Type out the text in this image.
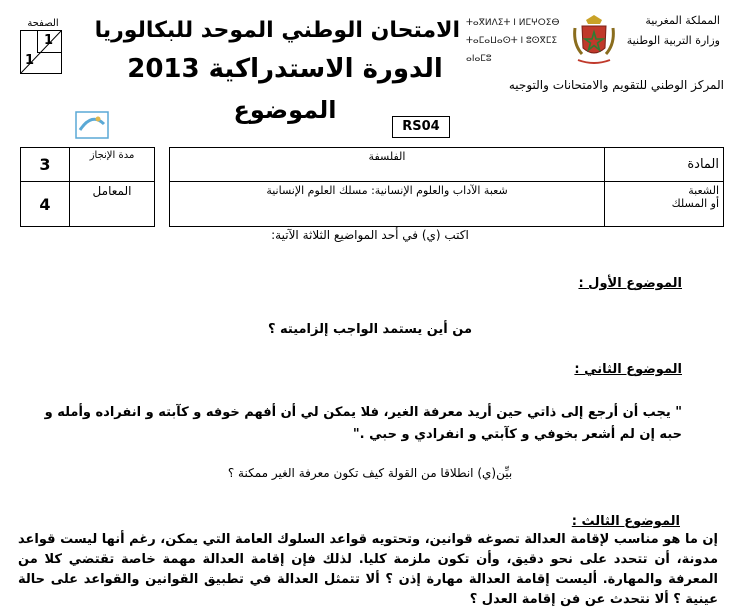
الصفحة
1
1
الامتحان الوطني الموحد للبكالوريا
الدورة الاستدراكية 2013
الموضوع
RS04
ⵜⴰⴳⵍⴷⵉⵜ ⵏ ⵍⵎⵖⵔⵉⴱ
ⵜⴰⵎⴰⵡⴰⵙⵜ ⵏ ⵓⵙⴳⵎⵉ
ⴰⵏⴰⵎⵓ
المملكة المغربية
وزارة التربية الوطنية
المركز الوطني للتقويم والامتحانات والتوجيه
المادة	الفلسفة		مدة الإنجاز	3

الشعبة
أو المسلك	شعبة الآداب والعلوم الإنسانية: مسلك العلوم الإنسانية		المعامل	4
اكتب (ي) في أحد المواضيع الثلاثة الآتية:
الموضوع الأول :
من أين يستمد الواجب إلزاميته ؟
الموضوع الثاني :
" يجب أن أرجع إلى ذاتي حين أريد معرفة الغير، فلا يمكن لي أن أفهم خوفه و كآبته و انفراده وأمله و حبه إن لم أشعر بخوفي و كآبتي و انفرادي و حبي ."
بيِّن(ي) انطلاقا من القولة كيف تكون معرفة الغير ممكنة ؟
الموضوع الثالث :
إن ما هو مناسب لإقامة العدالة تصوغه قوانين، وتحتويه قواعد السلوك العامة التي يمكن، رغم أنها ليست قواعد مدونة، أن تتحدد على نحو دقيق، وأن تكون ملزمة كليا. لذلك فإن إقامة العدالة مهمة خاصة تقتضي كلا من المعرفة والمهارة. أليست إقامة العدالة مهارة إذن ؟ ألا تتمثل العدالة في تطبيق القوانين والقواعد على حالة عينية ؟ ألا نتحدث عن فن إقامة العدل ؟
